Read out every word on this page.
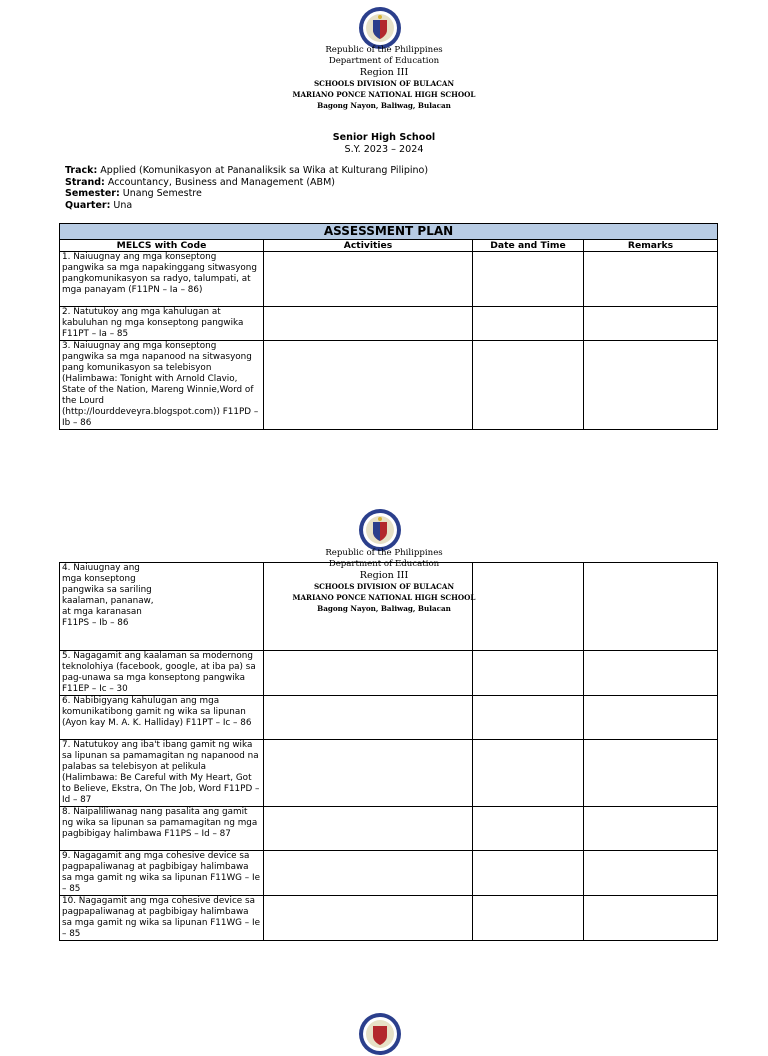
Republic of the Philippines
Department of Education
Region III
SCHOOLS DIVISION OF BULACAN
MARIANO PONCE NATIONAL HIGH SCHOOL
Bagong Nayon, Baliwag, Bulacan
Senior High School
S.Y. 2023 – 2024
Track: Applied (Komunikasyon at Pananaliksik sa Wika at Kulturang Pilipino)
Strand: Accountancy, Business and Management (ABM)
Semester: Unang Semestre
Quarter: Una
ASSESSMENT PLAN			
MELCS with Code	Activities	Date and Time	Remarks
1. Naiuugnay ang mga konseptong pangwika sa mga napakinggang sitwasyong pangkomunikasyon sa radyo, talumpati, at mga panayam (F11PN – Ia – 86)			
2. Natutukoy ang mga kahulugan at kabuluhan ng mga konseptong pangwika F11PT – Ia – 85			
3. Naiuugnay ang mga konseptong pangwika sa mga napanood na sitwasyong pang komunikasyon sa telebisyon (Halimbawa: Tonight with Arnold Clavio, State of the Nation, Mareng Winnie,Word of the Lourd (http://lourddeveyra.blogspot.com)) F11PD – Ib – 86			
4. Naiuugnay ang mga konseptong pangwika sa sariling kaalaman, pananaw, at mga karanasan F11PS – Ib – 86			

5. Nagagamit ang kaalaman sa modernong teknolohiya (facebook, google, at iba pa) sa pag-unawa sa mga konseptong pangwika F11EP – Ic – 30			
6. Nabibigyang kahulugan ang mga komunikatibong gamit ng wika sa lipunan (Ayon kay M. A. K. Halliday) F11PT – Ic – 86			
7. Natutukoy ang iba't ibang gamit ng wika sa lipunan sa pamamagitan ng napanood na palabas sa telebisyon at pelikula (Halimbawa: Be Careful with My Heart, Got to Believe, Ekstra, On The Job, Word F11PD – Id – 87			
8. Naipaliliwanag nang pasalita ang gamit ng wika sa lipunan sa pamamagitan ng mga pagbibigay halimbawa F11PS – Id – 87			
9. Nagagamit ang mga cohesive device sa pagpapaliwanag at pagbibigay halimbawa sa mga gamit ng wika sa lipunan F11WG – Ie – 85			
10. Nagagamit ang mga cohesive device sa pagpapaliwanag at pagbibigay halimbawa sa mga gamit ng wika sa lipunan F11WG – Ie – 85			
Republic of the Philippines
Department of Education
Region III
SCHOOLS DIVISION OF BULACAN
MARIANO PONCE NATIONAL HIGH SCHOOL
Bagong Nayon, Baliwag, Bulacan
